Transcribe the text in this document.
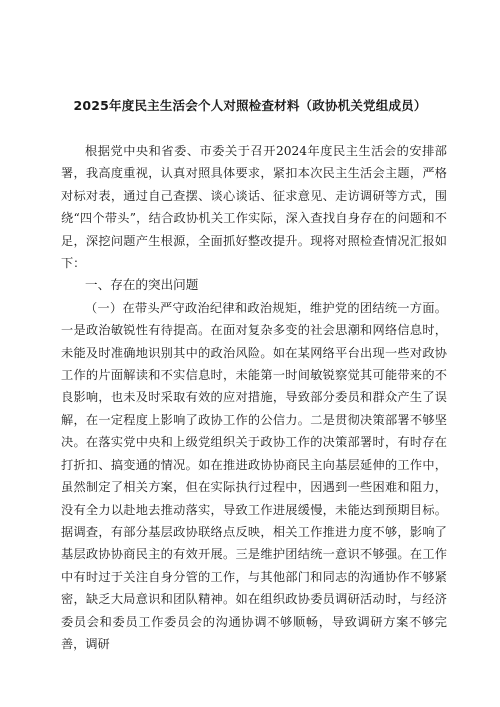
2025年度民主生活会个人对照检查材料（政协机关党组成员）

根据党中央和省委、市委关于召开2024年度民主生活会的安排部署，我高度重视，认真对照具体要求，紧扣本次民主生活会主题，严格对标对表，通过自己查摆、谈心谈话、征求意见、走访调研等方式，围绕“四个带头”，结合政协机关工作实际，深入查找自身存在的问题和不足，深挖问题产生根源，全面抓好整改提升。现将对照检查情况汇报如下：

一、存在的突出问题

（一）在带头严守政治纪律和政治规矩，维护党的团结统一方面。一是政治敏锐性有待提高。在面对复杂多变的社会思潮和网络信息时，未能及时准确地识别其中的政治风险。如在某网络平台出现一些对政协工作的片面解读和不实信息时，未能第一时间敏锐察觉其可能带来的不良影响，也未及时采取有效的应对措施，导致部分委员和群众产生了误解，在一定程度上影响了政协工作的公信力。二是贯彻决策部署不够坚决。在落实党中央和上级党组织关于政协工作的决策部署时，有时存在打折扣、搞变通的情况。如在推进政协协商民主向基层延伸的工作中，虽然制定了相关方案，但在实际执行过程中，因遇到一些困难和阻力，没有全力以赴地去推动落实，导致工作进展缓慢，未能达到预期目标。据调查，有部分基层政协联络点反映，相关工作推进力度不够，影响了基层政协协商民主的有效开展。三是维护团结统一意识不够强。在工作中有时过于关注自身分管的工作，与其他部门和同志的沟通协作不够紧密，缺乏大局意识和团队精神。如在组织政协委员调研活动时，与经济委员会和委员工作委员会的沟通协调不够顺畅，导致调研方案不够完善，调研
